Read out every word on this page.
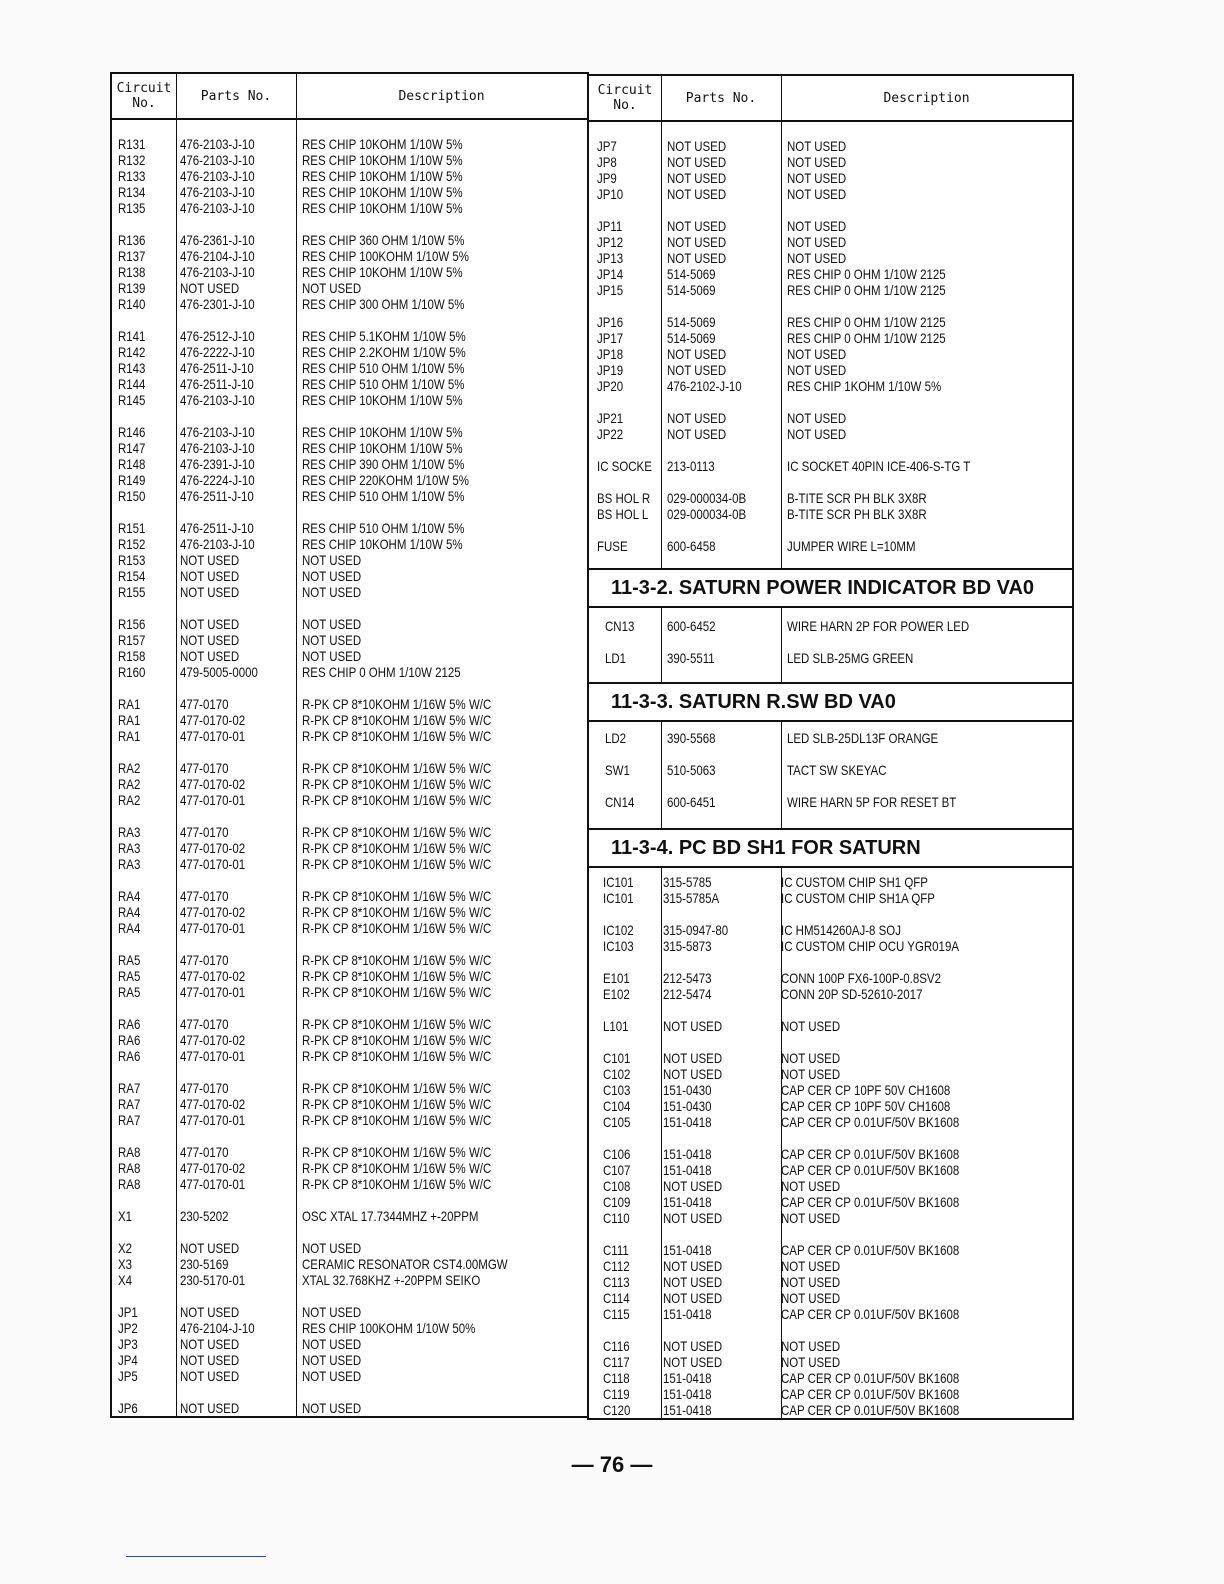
Circuit No.	Parts No.	Description
R131 476-2103-J-10	RES CHIP 10KOHM 1/10W 5%
R132 476-2103-J-10	RES CHIP 10KOHM 1/10W 5%
R133 476-2103-J-10	RES CHIP 10KOHM 1/10W 5%
R134 476-2103-J-10	RES CHIP 10KOHM 1/10W 5%
R135 476-2103-J-10	RES CHIP 10KOHM 1/10W 5%
R136 476-2361-J-10	RES CHIP 360 OHM 1/10W 5%
R137 476-2104-J-10	RES CHIP 100KOHM 1/10W 5%
R138 476-2103-J-10	RES CHIP 10KOHM 1/10W 5%
R139 NOT USED	NOT USED
R140 476-2301-J-10	RES CHIP 300 OHM 1/10W 5%
R141 476-2512-J-10	RES CHIP 5.1KOHM 1/10W 5%
R142 476-2222-J-10	RES CHIP 2.2KOHM 1/10W 5%
R143 476-2511-J-10	RES CHIP 510 OHM 1/10W 5%
R144 476-2511-J-10	RES CHIP 510 OHM 1/10W 5%
R145 476-2103-J-10	RES CHIP 10KOHM 1/10W 5%
R146 476-2103-J-10	RES CHIP 10KOHM 1/10W 5%
R147 476-2103-J-10	RES CHIP 10KOHM 1/10W 5%
R148 476-2391-J-10	RES CHIP 390 OHM 1/10W 5%
R149 476-2224-J-10	RES CHIP 220KOHM 1/10W 5%
R150 476-2511-J-10	RES CHIP 510 OHM 1/10W 5%
R151 476-2511-J-10	RES CHIP 510 OHM 1/10W 5%
R152 476-2103-J-10	RES CHIP 10KOHM 1/10W 5%
R153 NOT USED	NOT USED
R154 NOT USED	NOT USED
R155 NOT USED	NOT USED
R156 NOT USED	NOT USED
R157 NOT USED	NOT USED
R158 NOT USED	NOT USED
R160 479-5005-0000	RES CHIP 0 OHM 1/10W 2125
RA1	477-0170	R-PK CP 8*10KOHM 1/16W 5% W/C
RA1	477-0170-02	R-PK CP 8*10KOHM 1/16W 5% W/C
RA1	477-0170-01	R-PK CP 8*10KOHM 1/16W 5% W/C
RA2	477-0170	R-PK CP 8*10KOHM 1/16W 5% W/C
RA2	477-0170-02	R-PK CP 8*10KOHM 1/16W 5% W/C
RA2	477-0170-01	R-PK CP 8*10KOHM 1/16W 5% W/C
RA3	477-0170	R-PK CP 8*10KOHM 1/16W 5% W/C
RA3	477-0170-02	R-PK CP 8*10KOHM 1/16W 5% W/C
RA3	477-0170-01	R-PK CP 8*10KOHM 1/16W 5% W/C
RA4	477-0170	R-PK CP 8*10KOHM 1/16W 5% W/C
RA4	477-0170-02	R-PK CP 8*10KOHM 1/16W 5% W/C
RA4	477-0170-01	R-PK CP 8*10KOHM 1/16W 5% W/C
RA5	477-0170	R-PK CP 8*10KOHM 1/16W 5% W/C
RA5	477-0170-02	R-PK CP 8*10KOHM 1/16W 5% W/C
RA5	477-0170-01	R-PK CP 8*10KOHM 1/16W 5% W/C
RA6	477-0170	R-PK CP 8*10KOHM 1/16W 5% W/C
RA6	477-0170-02	R-PK CP 8*10KOHM 1/16W 5% W/C
RA6	477-0170-01	R-PK CP 8*10KOHM 1/16W 5% W/C
RA7	477-0170	R-PK CP 8*10KOHM 1/16W 5% W/C
RA7	477-0170-02	R-PK CP 8*10KOHM 1/16W 5% W/C
RA7	477-0170-01	R-PK CP 8*10KOHM 1/16W 5% W/C
RA8	477-0170	R-PK CP 8*10KOHM 1/16W 5% W/C
RA8	477-0170-02	R-PK CP 8*10KOHM 1/16W 5% W/C
RA8	477-0170-01	R-PK CP 8*10KOHM 1/16W 5% W/C
X1	230-5202	OSC XTAL 17.7344MHZ +-20PPM
X2	NOT USED	NOT USED
X3	230-5169	CERAMIC RESONATOR CST4.00MGW
X4	230-5170-01	XTAL 32.768KHZ +-20PPM SEIKO
JP1	NOT USED	NOT USED
JP2	476-2104-J-10	RES CHIP 100KOHM 1/10W 50%
JP3	NOT USED	NOT USED
JP4	NOT USED	NOT USED
JP5	NOT USED	NOT USED
JP6	NOT USED	NOT USED
Circuit No.	Parts No.	Description
JP7	NOT USED	NOT USED
JP8	NOT USED	NOT USED
JP9	NOT USED	NOT USED
JP10	NOT USED	NOT USED
JP11	NOT USED	NOT USED
JP12	NOT USED	NOT USED
JP13	NOT USED	NOT USED
JP14	514-5069	RES CHIP 0 OHM 1/10W 2125
JP15	514-5069	RES CHIP 0 OHM 1/10W 2125
JP16	514-5069	RES CHIP 0 OHM 1/10W 2125
JP17	514-5069	RES CHIP 0 OHM 1/10W 2125
JP18	NOT USED	NOT USED
JP19	NOT USED	NOT USED
JP20	476-2102-J-10	RES CHIP 1KOHM 1/10W 5%
JP21	NOT USED	NOT USED
JP22	NOT USED	NOT USED
IC SOCKE 213-0113	IC SOCKET 40PIN ICE-406-S-TG T
BS HOL R 029-000034-0B	B-TITE SCR PH BLK 3X8R
BS HOL L 029-000034-0B	B-TITE SCR PH BLK 3X8R
FUSE	600-6458	JUMPER WIRE L=10MM
11-3-2. SATURN POWER INDICATOR BD VA0
CN13 600-6452	WIRE HARN 2P FOR POWER LED
LD1	390-5511	LED SLB-25MG GREEN
11-3-3. SATURN R.SW BD VA0
LD2	390-5568	LED SLB-25DL13F ORANGE
SW1	510-5063	TACT SW SKEYAC
CN14 600-6451	WIRE HARN 5P FOR RESET BT
11-3-4. PC BD SH1 FOR SATURN
IC101 315-5785	IC CUSTOM CHIP SH1 QFP
IC101 315-5785A	IC CUSTOM CHIP SH1A QFP
IC102 315-0947-80	IC HM514260AJ-8 SOJ
IC103 315-5873	IC CUSTOM CHIP OCU YGR019A
E101 212-5473	CONN 100P FX6-100P-0.8SV2
E102 212-5474	CONN 20P SD-52610-2017
L101 NOT USED	NOT USED
C101 NOT USED	NOT USED
C102 NOT USED	NOT USED
C103 151-0430	CAP CER CP 10PF 50V CH1608
C104 151-0430	CAP CER CP 10PF 50V CH1608
C105 151-0418	CAP CER CP 0.01UF/50V BK1608
C106 151-0418	CAP CER CP 0.01UF/50V BK1608
C107 151-0418	CAP CER CP 0.01UF/50V BK1608
C108 NOT USED	NOT USED
C109 151-0418	CAP CER CP 0.01UF/50V BK1608
C110 NOT USED	NOT USED
C111 151-0418	CAP CER CP 0.01UF/50V BK1608
C112 NOT USED	NOT USED
C113 NOT USED	NOT USED
C114 NOT USED	NOT USED
C115 151-0418	CAP CER CP 0.01UF/50V BK1608
C116 NOT USED	NOT USED
C117 NOT USED	NOT USED
C118 151-0418	CAP CER CP 0.01UF/50V BK1608
C119 151-0418	CAP CER CP 0.01UF/50V BK1608
C120 151-0418	CAP CER CP 0.01UF/50V BK1608
— 76 —
